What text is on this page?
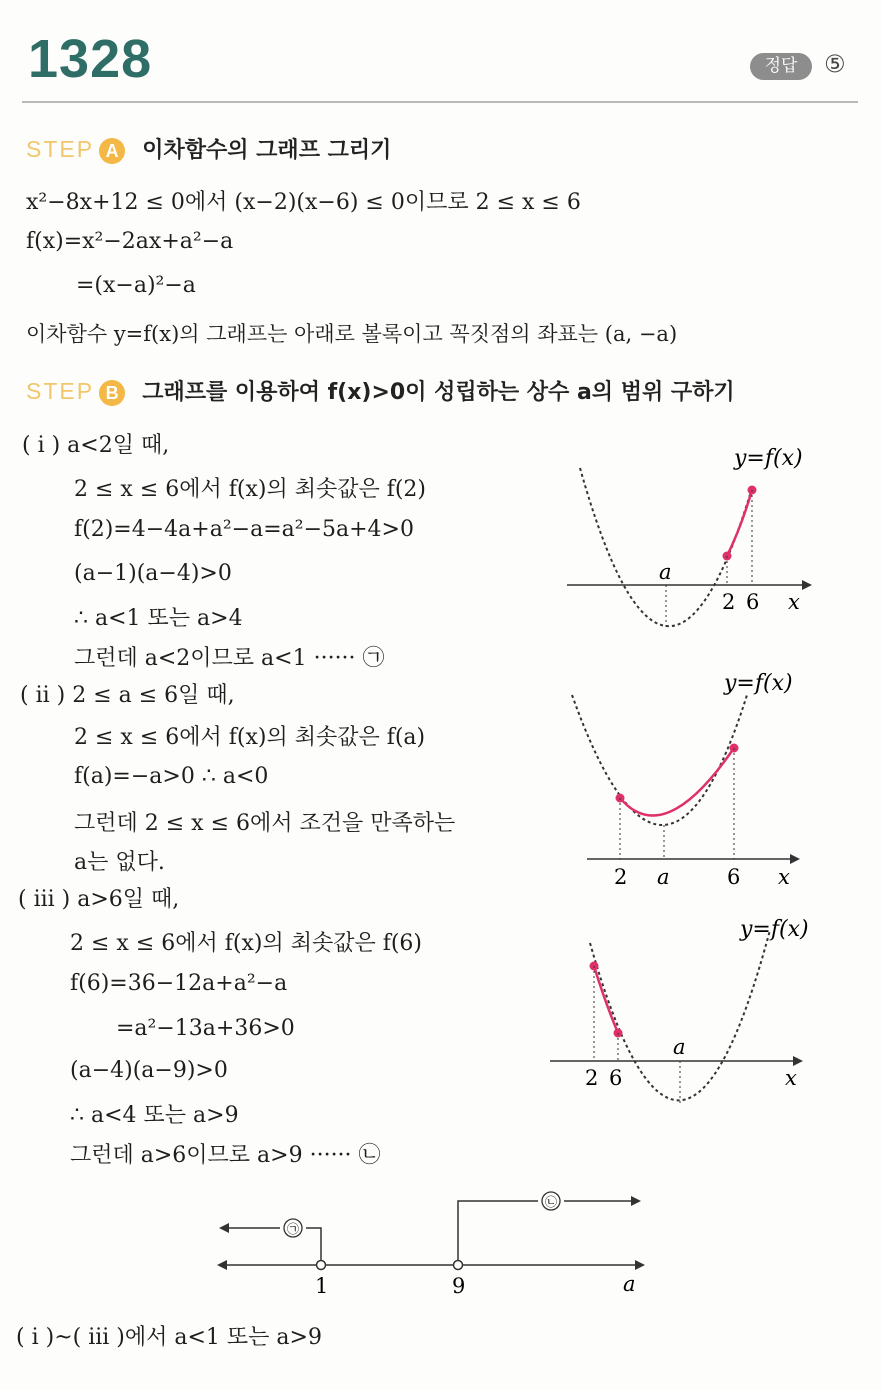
1328	정답	⑤
STEP A 이차함수의 그래프 그리기
x²−8x+12 ≤ 0에서 (x−2)(x−6) ≤ 0이므로 2 ≤ x ≤ 6
f(x)=x²−2ax+a²−a
=(x−a)²−a
이차함수 y=f(x)의 그래프는 아래로 볼록이고 꼭짓점의 좌표는 (a, −a)
STEP B 그래프를 이용하여 f(x)>0이 성립하는 상수 a의 범위 구하기
( i ) a<2일 때,
2 ≤ x ≤ 6에서 f(x)의 최솟값은 f(2)
f(2)=4−4a+a²−a=a²−5a+4>0
(a−1)(a−4)>0
∴ a<1 또는 a>4
그런데 a<2이므로 a<1 ······ ㉠
( ii ) 2 ≤ a ≤ 6일 때,
2 ≤ x ≤ 6에서 f(x)의 최솟값은 f(a)
f(a)=−a>0 ∴ a<0
그런데 2 ≤ x ≤ 6에서 조건을 만족하는
a는 없다.
( iii ) a>6일 때,
2 ≤ x ≤ 6에서 f(x)의 최솟값은 f(6)
f(6)=36−12a+a²−a
=a²−13a+36>0
(a−4)(a−9)>0
∴ a<4 또는 a>9
그런데 a>6이므로 a>9 ······ ㉡
a
2 6 x
y=f(x)
2 a	6 x
y=f(x)
2 6
a
x
y=f(x)
㉠
㉡
1	9	a
( i )~( iii )에서 a<1 또는 a>9
